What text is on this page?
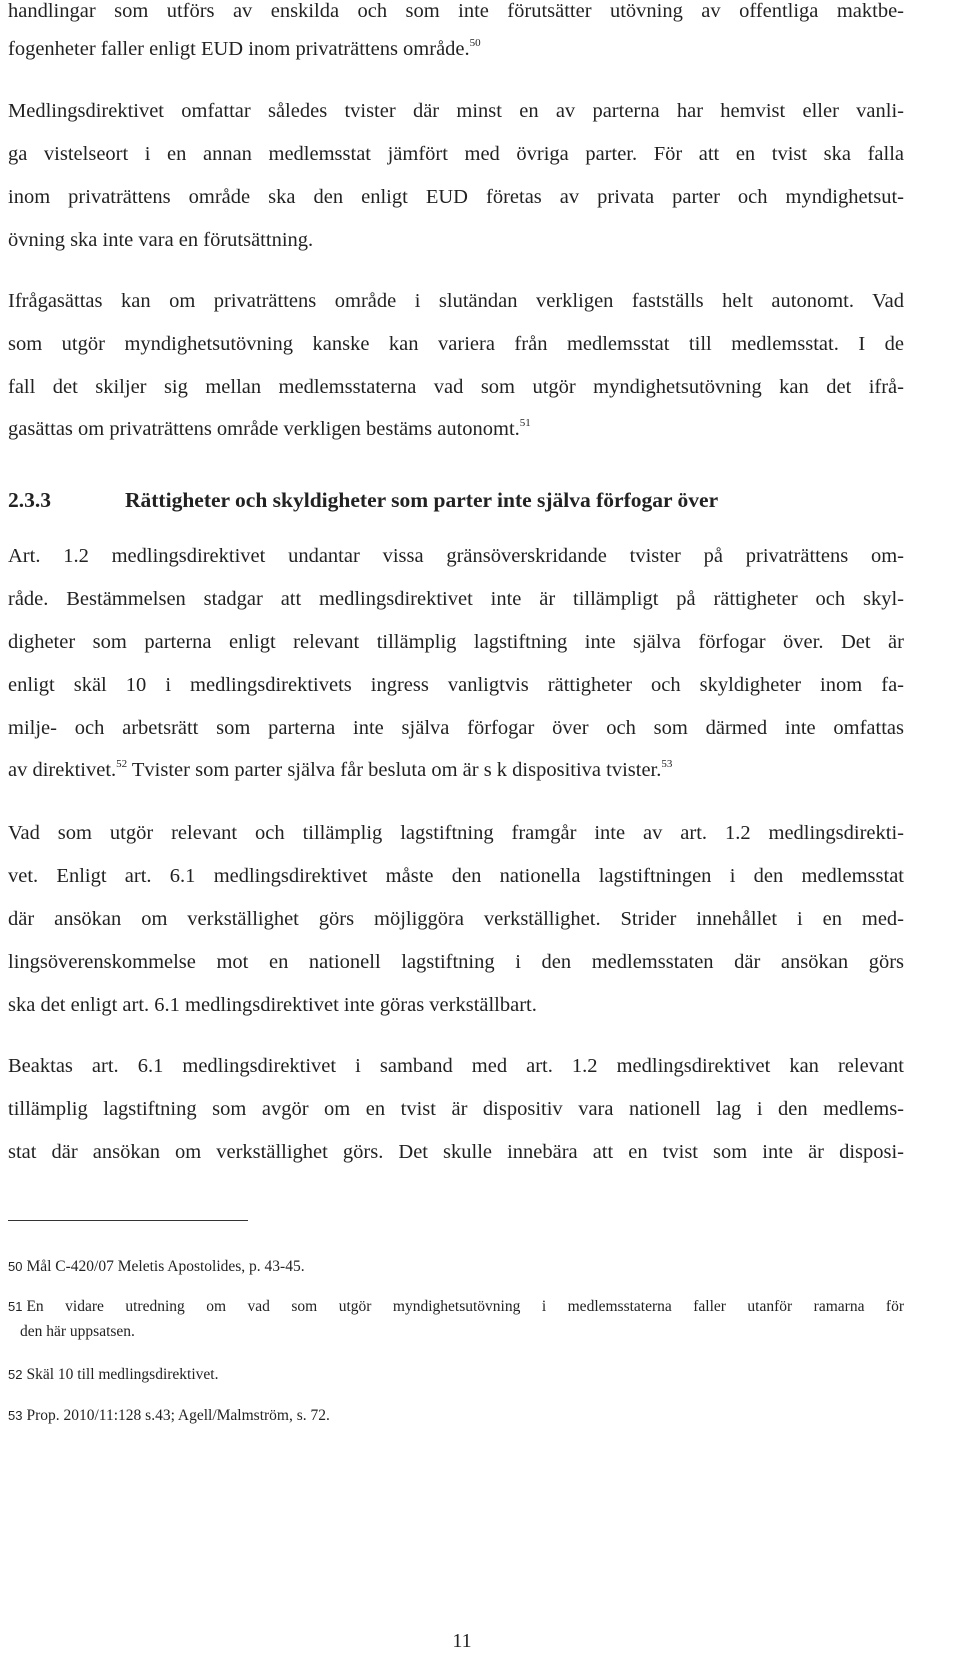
handlingar som utförs av enskilda och som inte förutsätter utövning av offentliga maktbe-
fogenheter faller enligt EUD inom privaträttens område.$^{50}$
Medlingsdirektivet omfattar således tvister där minst en av parterna har hemvist eller vanli-
ga vistelseort i en annan medlemsstat jämfört med övriga parter. För att en tvist ska falla
inom privaträttens område ska den enligt EUD företas av privata parter och myndighetsut-
övning ska inte vara en förutsättning.
Ifrågasättas kan om privaträttens område i slutändan verkligen fastställs helt autonomt. Vad
som utgör myndighetsutövning kanske kan variera från medlemsstat till medlemsstat. I de
fall det skiljer sig mellan medlemsstaterna vad som utgör myndighetsutövning kan det ifrå-
gasättas om privaträttens område verkligen bestäms autonomt.$^{51}$
2.3.3	Rättigheter och skyldigheter som parter inte själva förfogar över
Art. 1.2 medlingsdirektivet undantar vissa gränsöverskridande tvister på privaträttens om-
råde. Bestämmelsen stadgar att medlingsdirektivet inte är tillämpligt på rättigheter och skyl-
digheter som parterna enligt relevant tillämplig lagstiftning inte själva förfogar över. Det är
enligt skäl 10 i medlingsdirektivets ingress vanligtvis rättigheter och skyldigheter inom fa-
milje- och arbetsrätt som parterna inte själva förfogar över och som därmed inte omfattas
av direktivet.$^{52}$ Tvister som parter själva får besluta om är s k dispositiva tvister.$^{53}$
Vad som utgör relevant och tillämplig lagstiftning framgår inte av art. 1.2 medlingsdirekti-
vet. Enligt art. 6.1 medlingsdirektivet måste den nationella lagstiftningen i den medlemsstat
där ansökan om verkställighet görs möjliggöra verkställighet. Strider innehållet i en med-
lingsöverenskommelse mot en nationell lagstiftning i den medlemsstaten där ansökan görs
ska det enligt art. 6.1 medlingsdirektivet inte göras verkställbart.
Beaktas art. 6.1 medlingsdirektivet i samband med art. 1.2 medlingsdirektivet kan relevant
tillämplig lagstiftning som avgör om en tvist är dispositiv vara nationell lag i den medlems-
stat där ansökan om verkställighet görs. Det skulle innebära att en tvist som inte är disposi-
50 Mål C-420/07 Meletis Apostolides, p. 43-45.
51 En vidare utredning om vad som utgör myndighetsutövning i medlemsstaterna faller utanför ramarna för
den här uppsatsen.
52 Skäl 10 till medlingsdirektivet.
53 Prop. 2010/11:128 s.43; Agell/Malmström, s. 72.
11
